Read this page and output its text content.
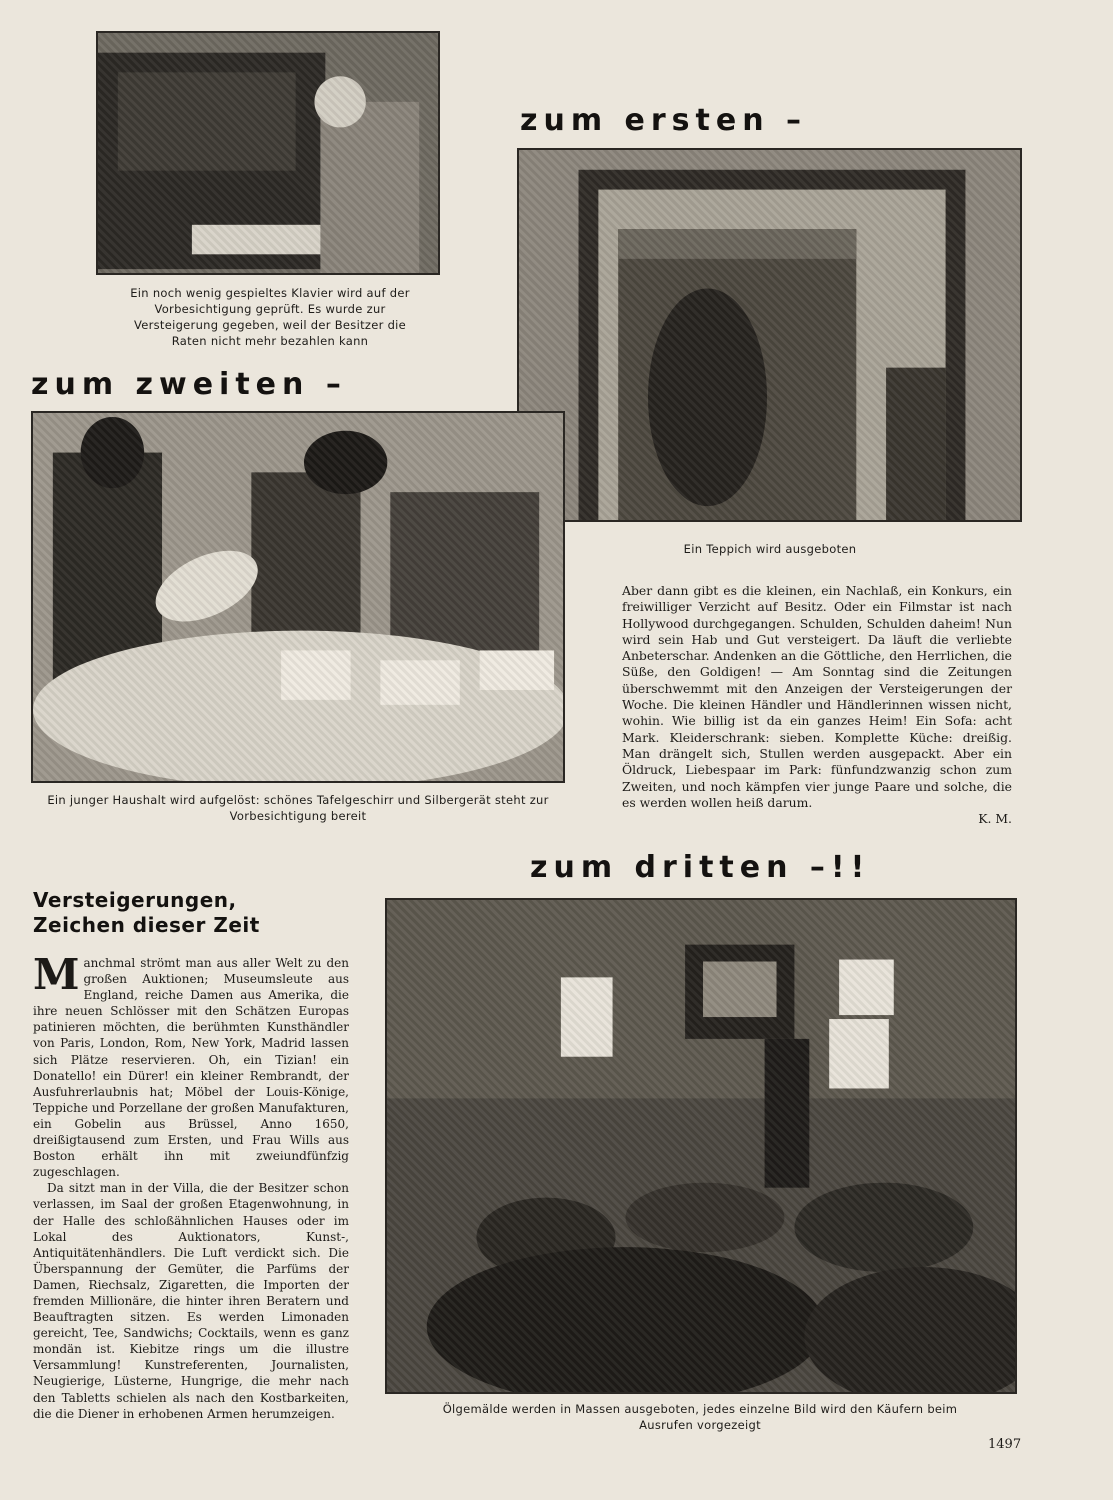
Ein noch wenig gespieltes Klavier wird auf der Vorbesichtigung geprüft. Es wurde zur Versteigerung gegeben, weil der Besitzer die Raten nicht mehr bezahlen kann
zum ersten –
Ein Teppich wird ausgeboten
zum zweiten –
Ein junger Haushalt wird aufgelöst: schönes Tafelgeschirr und Silbergerät steht zur Vorbesichtigung bereit

Aber dann gibt es die kleinen, ein Nachlaß, ein Konkurs, ein freiwilliger Verzicht auf Besitz. Oder ein Filmstar ist nach Hollywood durchgegangen. Schulden, Schulden daheim! Nun wird sein Hab und Gut versteigert. Da läuft die verliebte Anbeterschar. Andenken an die Göttliche, den Herrlichen, die Süße, den Goldigen! — Am Sonntag sind die Zeitungen überschwemmt mit den Anzeigen der Versteigerungen der Woche. Die kleinen Händler und Händlerinnen wissen nicht, wohin. Wie billig ist da ein ganzes Heim! Ein Sofa: acht Mark. Kleiderschrank: sieben. Komplette Küche: dreißig. Man drängelt sich, Stullen werden ausgepackt. Aber ein Öldruck, Liebespaar im Park: fünfundzwanzig schon zum Zweiten, und noch kämpfen vier junge Paare und solche, die es werden wollen heiß darum.

K. M.
zum dritten –!!
Versteigerungen,
Zeichen dieser Zeit

Manchmal strömt man aus aller Welt zu den großen Auktionen; Museumsleute aus England, reiche Damen aus Amerika, die ihre neuen Schlösser mit den Schätzen Europas patinieren möchten, die berühmten Kunsthändler von Paris, London, Rom, New York, Madrid lassen sich Plätze reservieren. Oh, ein Tizian! ein Donatello! ein Dürer! ein kleiner Rembrandt, der Ausfuhrerlaubnis hat; Möbel der Louis-Könige, Teppiche und Porzellane der großen Manufakturen, ein Gobelin aus Brüssel, Anno 1650, dreißigtausend zum Ersten, und Frau Wills aus Boston erhält ihn mit zweiundfünfzig zugeschlagen.

Da sitzt man in der Villa, die der Besitzer schon verlassen, im Saal der großen Etagenwohnung, in der Halle des schloßähnlichen Hauses oder im Lokal des Auktionators, Kunst-, Antiquitätenhändlers. Die Luft verdickt sich. Die Überspannung der Gemüter, die Parfüms der Damen, Riechsalz, Zigaretten, die Importen der fremden Millionäre, die hinter ihren Beratern und Beauftragten sitzen. Es werden Limonaden gereicht, Tee, Sandwichs; Cocktails, wenn es ganz mondän ist. Kiebitze rings um die illustre Versammlung! Kunstreferenten, Journalisten, Neugierige, Lüsterne, Hungrige, die mehr nach den Tabletts schielen als nach den Kostbarkeiten, die die Diener in erhobenen Armen herumzeigen.	Ölgemälde werden in Massen ausgeboten, jedes einzelne Bild wird den Käufern beim Ausrufen vorgezeigt
1497
